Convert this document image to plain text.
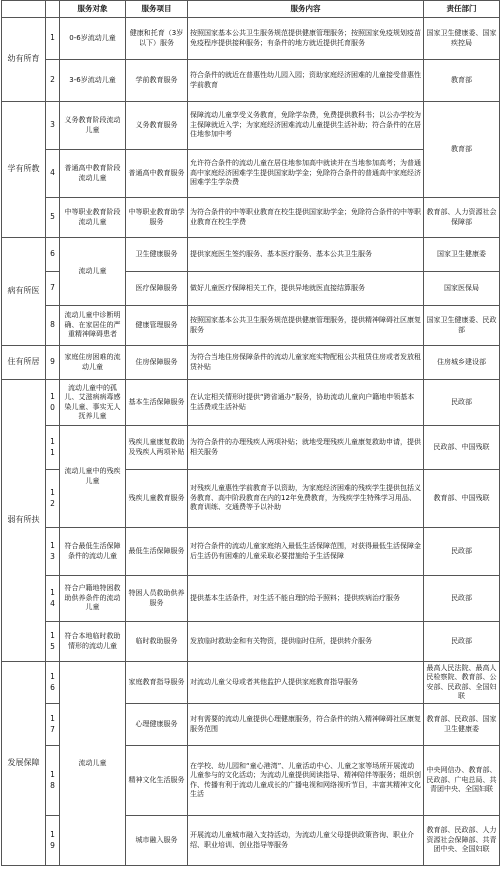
		服务对象	服务项目	服务内容	责任部门
幼有所育	1	0-6岁流动儿童	健康和托育（3岁以下）服务	按照国家基本公共卫生服务规范提供健康管理服务；按照国家免疫规划疫苗免疫程序提供接种服务；有条件的地方就近提供托育服务	国家卫生健康委、国家疾控局
	2	3-6岁流动儿童	学前教育服务	符合条件的就近在普惠性幼儿园入园；资助家庭经济困难的儿童接受普惠性学前教育	教育部
学有所教	3	义务教育阶段流动儿童	义务教育服务	保障流动儿童享受义务教育，免除学杂费，免费提供教科书；以公办学校为主保障就近入学；为家庭经济困难流动儿童提供生活补助；符合条件的在居住地参加中考	教育部
	4	普通高中教育阶段流动儿童	普通高中教育服务	允许符合条件的流动儿童在居住地参加高中就读并在当地参加高考；为普通高中家庭经济困难学生提供国家助学金；免除符合条件的普通高中家庭经济困难学生学杂费	
	5	中等职业教育阶段流动儿童	中等职业教育助学服务	为符合条件的中等职业教育在校生提供国家助学金；免除符合条件的中等职业教育在校生学费	教育部、人力资源社会保障部
病有所医	6	流动儿童	卫生健康服务	提供家庭医生签约服务、基本医疗服务、基本公共卫生服务	国家卫生健康委
	7		医疗保障服务	做好儿童医疗保障相关工作，提供异地就医直接结算服务	国家医保局
	8	流动儿童中诊断明确、在家居住的严重精神障碍患者	健康管理服务	按照国家基本公共卫生服务规范提供健康管理服务，提供精神障碍社区康复服务	国家卫生健康委、民政部
住有所居	9	家庭住房困难的流动儿童	住房保障服务	为符合当地住房保障条件的流动儿童家庭实物配租公共租赁住房或者发放租赁补贴	住房城乡建设部
弱有所扶	10	流动儿童中的孤儿、艾滋病病毒感染儿童、事实无人抚养儿童	基本生活保障服务	在认定相关情形时提供“跨省通办”服务，协助流动儿童向户籍地申领基本生活费或生活补贴	民政部
	11	流动儿童中的残疾儿童	残疾儿童康复救助及残疾人两项补贴	为符合条件的办理残疾人两项补贴；就地受理残疾儿童康复救助申请，提供相关服务	民政部、中国残联
	12		残疾儿童教育服务	对残疾儿童惠性学前教育予以资助，为家庭经济困难的残疾学生提供包括义务教育、高中阶段教育在内的12年免费教育，为残疾学生特殊学习用品、教育训练、交通费等予以补助	教育部、中国残联
	13	符合最低生活保障条件的流动儿童	最低生活保障服务	对符合条件的流动儿童家庭纳入最低生活保障范围，对获得最低生活保障金后生活仍有困难的儿童采取必要措施给予生活保障	民政部
	14	符合户籍地特困救助供养条件的流动儿童	特困人员救助供养服务	提供基本生活条件，对生活不能自理的给予照料；提供疾病治疗服务	民政部
	15	符合本地临时救助情形的流动儿童	临时救助服务	发放临时救助金和有关物资，提供临时住所，提供转介服务	民政部
发展保障	16	流动儿童	家庭教育指导服务	对流动儿童父母或者其他监护人提供家庭教育指导服务	最高人民法院、最高人民检察院、教育部、公安部、民政部、全国妇联
	17		心理健康服务	对有需要的流动儿童提供心理健康服务，符合条件的纳入精神障碍社区康复服务范围	教育部、民政部、国家卫生健康委
	18		精神文化生活服务	在学校、幼儿园和“童心港湾”、儿童活动中心、儿童之家等场所开展流动儿童参与的文化活动；为流动儿童提供阅读指导、精神陪伴等服务；组织创作、传播有利于流动儿童成长的广播电视和网络视听节目，丰富其精神文化生活	中央网信办、教育部、民政部、广电总局、共青团中央、全国妇联
	19		城市融入服务	开展流动儿童城市融入支持活动，为流动儿童父母提供政策咨询、职业介绍、职业培训、创业指导等服务	教育部、民政部、人力资源社会保障部、共青团中央、全国妇联
